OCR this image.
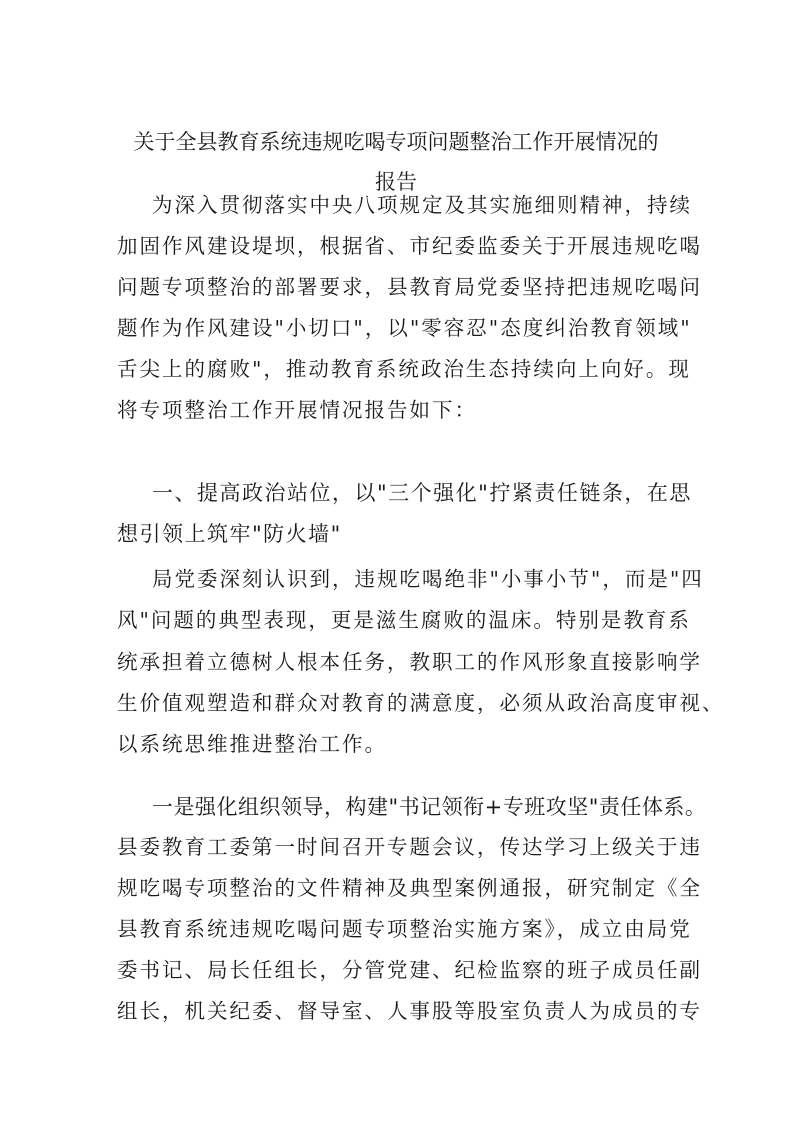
关于全县教育系统违规吃喝专项问题整治工作开展情况的
报告
为深入贯彻落实中央八项规定及其实施细则精神，持续
加固作风建设堤坝，根据省、市纪委监委关于开展违规吃喝
问题专项整治的部署要求，县教育局党委坚持把违规吃喝问
题作为作风建设"小切口"，以"零容忍"态度纠治教育领域"
舌尖上的腐败"，推动教育系统政治生态持续向上向好。现
将专项整治工作开展情况报告如下：
一、提高政治站位，以"三个强化"拧紧责任链条，在思
想引领上筑牢"防火墙"
局党委深刻认识到，违规吃喝绝非"小事小节"，而是"四
风"问题的典型表现，更是滋生腐败的温床。特别是教育系
统承担着立德树人根本任务，教职工的作风形象直接影响学
生价值观塑造和群众对教育的满意度，必须从政治高度审视、
以系统思维推进整治工作。
一是强化组织领导，构建"书记领衔+专班攻坚"责任体系。
县委教育工委第一时间召开专题会议，传达学习上级关于违
规吃喝专项整治的文件精神及典型案例通报，研究制定《全
县教育系统违规吃喝问题专项整治实施方案》，成立由局党
委书记、局长任组长，分管党建、纪检监察的班子成员任副
组长，机关纪委、督导室、人事股等股室负责人为成员的专
